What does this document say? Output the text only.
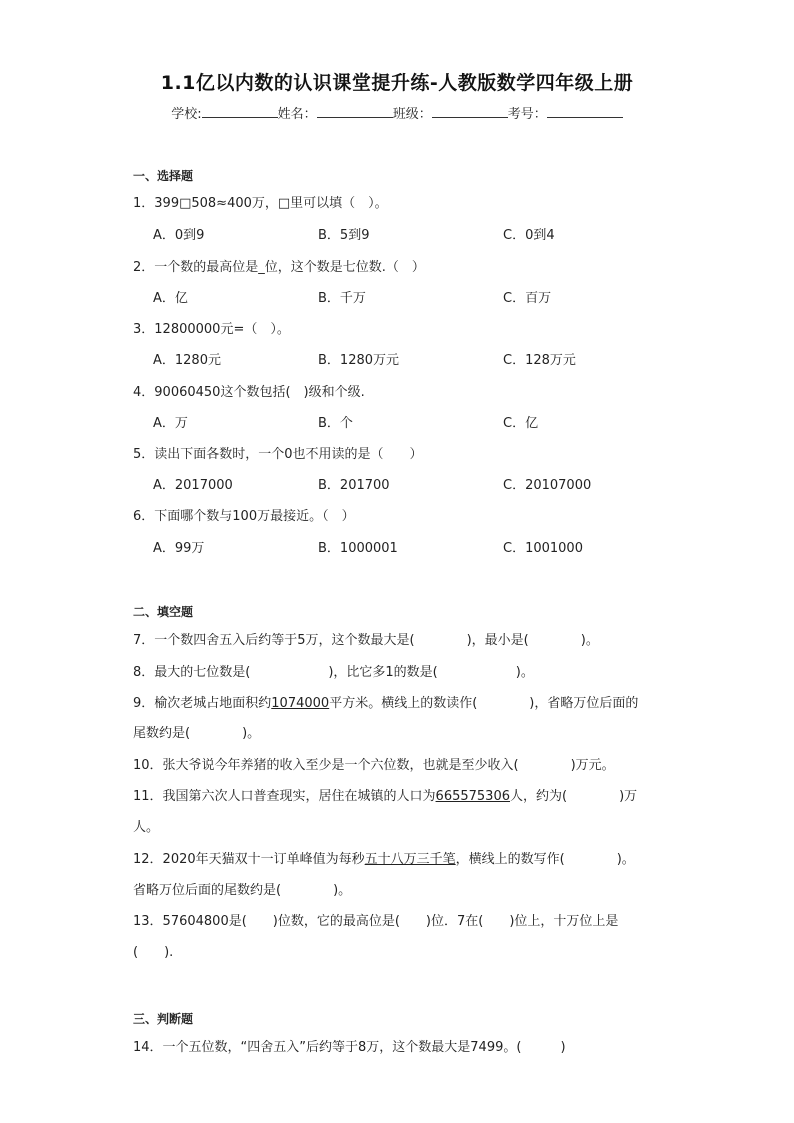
1.1亿以内数的认识课堂提升练-人教版数学四年级上册
学校:	姓名：	班级：	考号：
一、选择题
1．399□508≈400万，□里可以填（　）。
A．0到9	B．5到9	C．0到4
2．一个数的最高位是_位，这个数是七位数.（　）
A．亿	B．千万	C．百万
3．12800000元=（　）。
A．1280元	B．1280万元	C．128万元
4．90060450这个数包括(　)级和个级.
A．万	B．个	C．亿
5．读出下面各数时，一个0也不用读的是（　　）
A．2017000	B．201700	C．20107000
6．下面哪个数与100万最接近。（　）
A．99万	B．1000001	C．1001000
二、填空题
7．一个数四舍五入后约等于5万，这个数最大是(　　　　)，最小是(　　　　)。
8．最大的七位数是(　　　　　　)，比它多1的数是(　　　　　　)。
9．榆次老城占地面积约1074000平方米。横线上的数读作(　　　　)，省略万位后面的
尾数约是(　　　　)。
10．张大爷说今年养猪的收入至少是一个六位数，也就是至少收入(　　　　)万元。
11．我国第六次人口普查现实，居住在城镇的人口为665575306人，约为(　　　　)万
人。
12．2020年天猫双十一订单峰值为每秒五十八万三千笔，横线上的数写作(　　　　)。
省略万位后面的尾数约是(　　　　)。
13．57604800是(　　)位数，它的最高位是(　　)位．7在(　　)位上，十万位上是
(　　).
三、判断题
14．一个五位数，“四舍五入”后约等于8万，这个数最大是7499。(　　　)
